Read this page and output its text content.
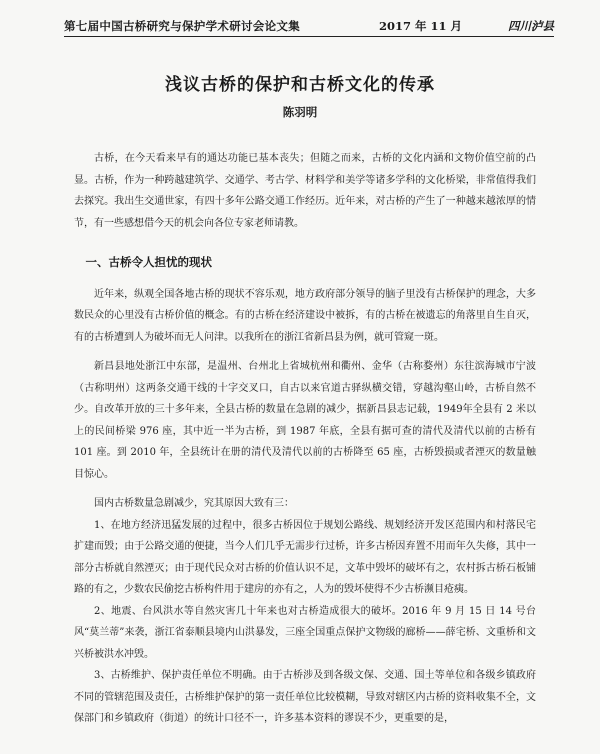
第七届中国古桥研究与保护学术研讨会论文集	2017 年 11 月	四川泸县
浅议古桥的保护和古桥文化的传承
陈羽明

古桥，在今天看来早有的通达功能已基本丧失；但随之而来，古桥的文化内涵和文物价值空前的凸显。古桥，作为一种跨越建筑学、交通学、考古学、材料学和美学等诸多学科的文化桥梁，非常值得我们去探究。我出生交通世家，有四十多年公路交通工作经历。近年来，对古桥的产生了一种越来越浓厚的情节，有一些感想借今天的机会向各位专家老师请教。

一、古桥令人担忧的现状

近年来，纵观全国各地古桥的现状不容乐观，地方政府部分领导的脑子里没有古桥保护的理念，大多数民众的心里没有古桥价值的概念。有的古桥在经济建设中被拆，有的古桥在被遗忘的角落里自生自灭，有的古桥遭到人为破坏而无人问津。以我所在的浙江省新昌县为例，就可管窥一斑。

新昌县地处浙江中东部，是温州、台州北上省城杭州和衢州、金华（古称婺州）东往滨海城市宁波（古称明州）这两条交通干线的十字交叉口，自古以来官道古驿纵横交错，穿越沟壑山岭，古桥自然不少。自改革开放的三十多年来，全县古桥的数量在急剧的减少，据新昌县志记载，1949年全县有 2 米以上的民间桥梁 976 座，其中近一半为古桥，到 1987 年底，全县有据可查的清代及清代以前的古桥有 101 座。到 2010 年，全县统计在册的清代及清代以前的古桥降至 65 座，古桥毁损或者湮灭的数量触目惊心。

国内古桥数量急剧减少，究其原因大致有三：

1、在地方经济迅猛发展的过程中，很多古桥因位于规划公路线、规划经济开发区范围内和村落民宅扩建而毁；由于公路交通的便捷，当今人们几乎无需步行过桥，许多古桥因弃置不用而年久失修，其中一部分古桥就自然湮灭；由于现代民众对古桥的价值认识不足，文革中毁坏的破坏有之，农村拆古桥石板铺路的有之，少数农民偷挖古桥构件用于建房的亦有之，人为的毁坏使得不少古桥濒目疮痍。

2、地震、台风洪水等自然灾害几十年来也对古桥造成很大的破坏。2016 年 9 月 15 日 14 号台风“莫兰蒂”来袭，浙江省泰顺县境内山洪暴发，三座全国重点保护文物级的廊桥——薛宅桥、文重桥和文兴桥被洪水冲毁。

3、古桥维护、保护责任单位不明确。由于古桥涉及到各级文保、交通、国土等单位和各级乡镇政府不同的管辖范围及责任，古桥维护保护的第一责任单位比较模糊，导致对辖区内古桥的资料收集不全，文保部门和乡镇政府（街道）的统计口径不一，许多基本资料的谬误不少，更重要的是，
